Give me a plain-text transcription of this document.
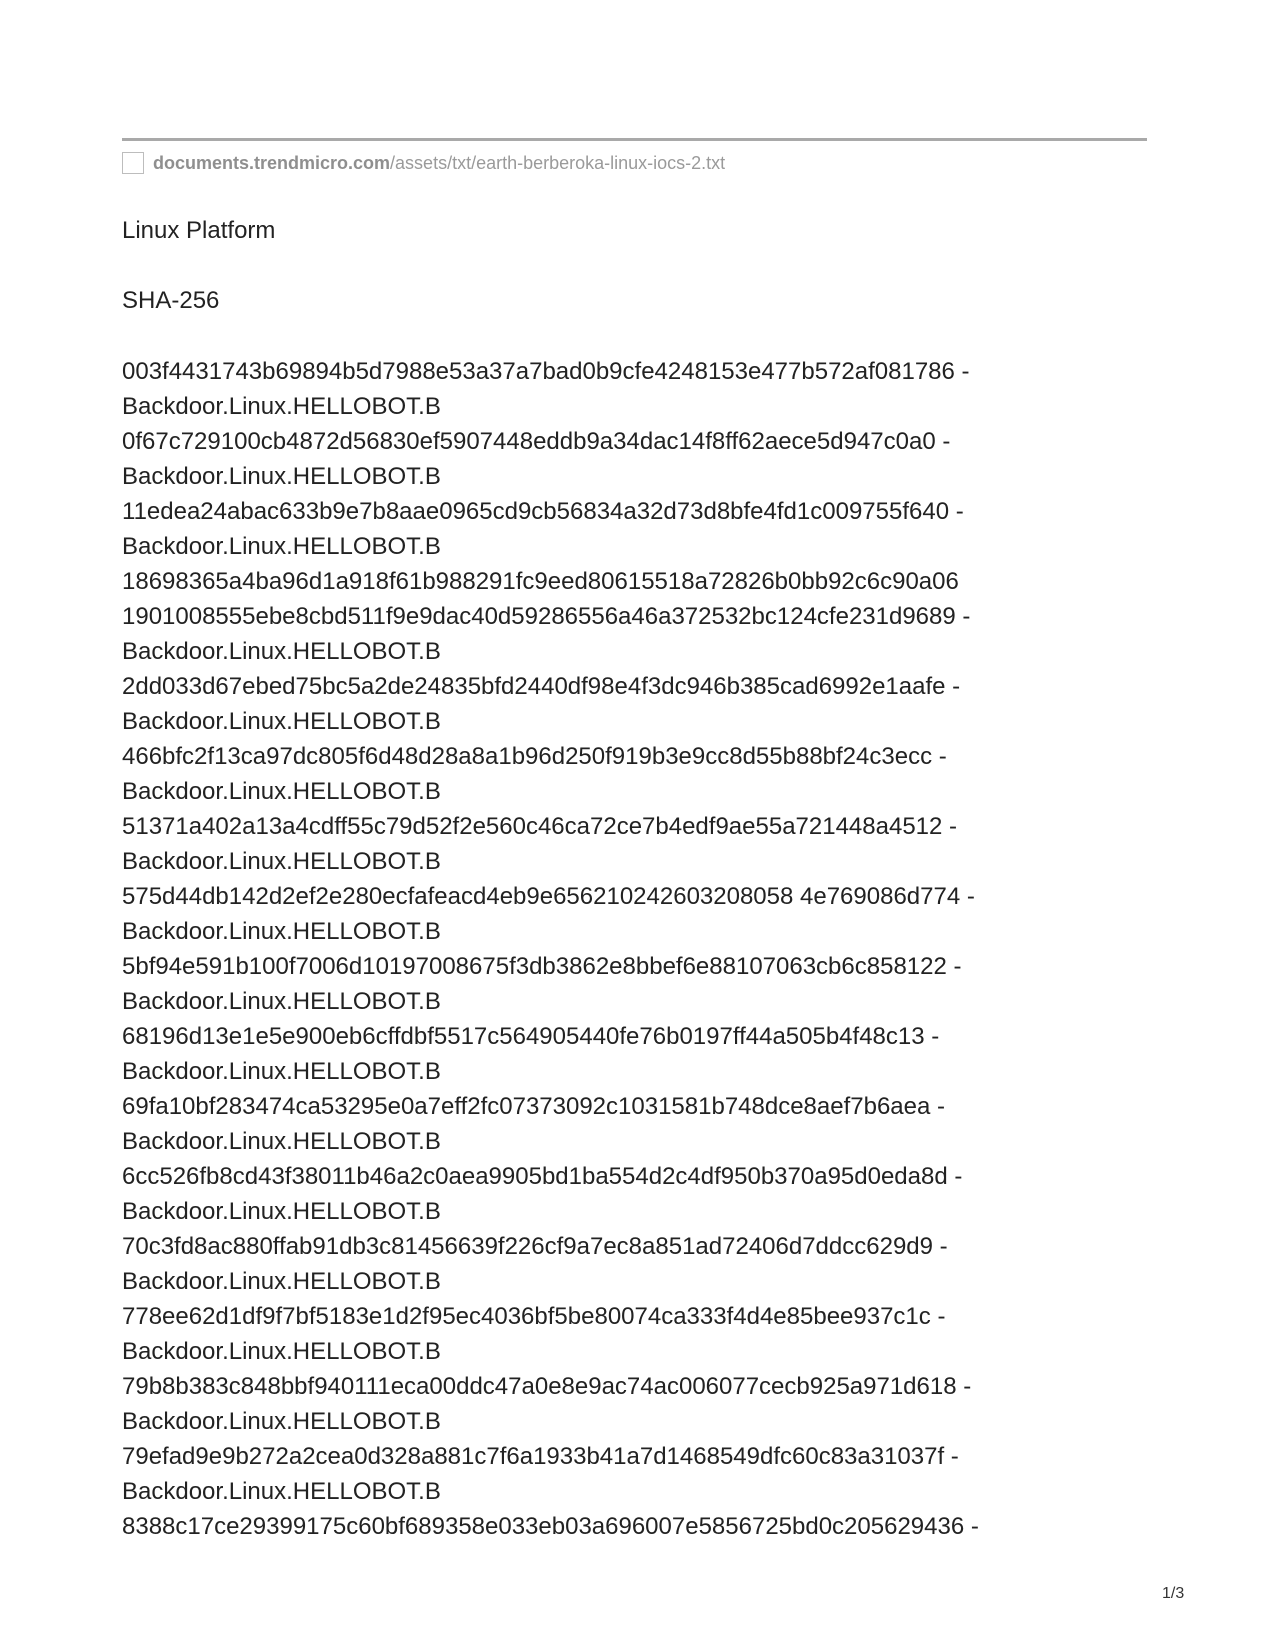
documents.trendmicro.com /assets/txt/earth-berberoka-linux-iocs-2.txt
Linux Platform
SHA-256
003f4431743b69894b5d7988e53a37a7bad0b9cfe4248153e477b572af081786 -
Backdoor.Linux.HELLOBOT.B
0f67c729100cb4872d56830ef5907448eddb9a34dac14f8ff62aece5d947c0a0 -
Backdoor.Linux.HELLOBOT.B
11edea24abac633b9e7b8aae0965cd9cb56834a32d73d8bfe4fd1c009755f640 -
Backdoor.Linux.HELLOBOT.B
18698365a4ba96d1a918f61b988291fc9eed80615518a72826b0bb92c6c90a06
1901008555ebe8cbd511f9e9dac40d59286556a46a372532bc124cfe231d9689 -
Backdoor.Linux.HELLOBOT.B
2dd033d67ebed75bc5a2de24835bfd2440df98e4f3dc946b385cad6992e1aafe -
Backdoor.Linux.HELLOBOT.B
466bfc2f13ca97dc805f6d48d28a8a1b96d250f919b3e9cc8d55b88bf24c3ecc -
Backdoor.Linux.HELLOBOT.B
51371a402a13a4cdff55c79d52f2e560c46ca72ce7b4edf9ae55a721448a4512 -
Backdoor.Linux.HELLOBOT.B
575d44db142d2ef2e280ecfafeacd4eb9e656210242603208058 4e769086d774 -
Backdoor.Linux.HELLOBOT.B
5bf94e591b100f7006d10197008675f3db3862e8bbef6e88107063cb6c858122 -
Backdoor.Linux.HELLOBOT.B
68196d13e1e5e900eb6cffdbf5517c564905440fe76b0197ff44a505b4f48c13 -
Backdoor.Linux.HELLOBOT.B
69fa10bf283474ca53295e0a7eff2fc07373092c1031581b748dce8aef7b6aea -
Backdoor.Linux.HELLOBOT.B
6cc526fb8cd43f38011b46a2c0aea9905bd1ba554d2c4df950b370a95d0eda8d -
Backdoor.Linux.HELLOBOT.B
70c3fd8ac880ffab91db3c81456639f226cf9a7ec8a851ad72406d7ddcc629d9 -
Backdoor.Linux.HELLOBOT.B
778ee62d1df9f7bf5183e1d2f95ec4036bf5be80074ca333f4d4e85bee937c1c -
Backdoor.Linux.HELLOBOT.B
79b8b383c848bbf940111eca00ddc47a0e8e9ac74ac006077cecb925a971d618 -
Backdoor.Linux.HELLOBOT.B
79efad9e9b272a2cea0d328a881c7f6a1933b41a7d1468549dfc60c83a31037f -
Backdoor.Linux.HELLOBOT.B
8388c17ce29399175c60bf689358e033eb03a696007e5856725bd0c205629436 -
1/3
